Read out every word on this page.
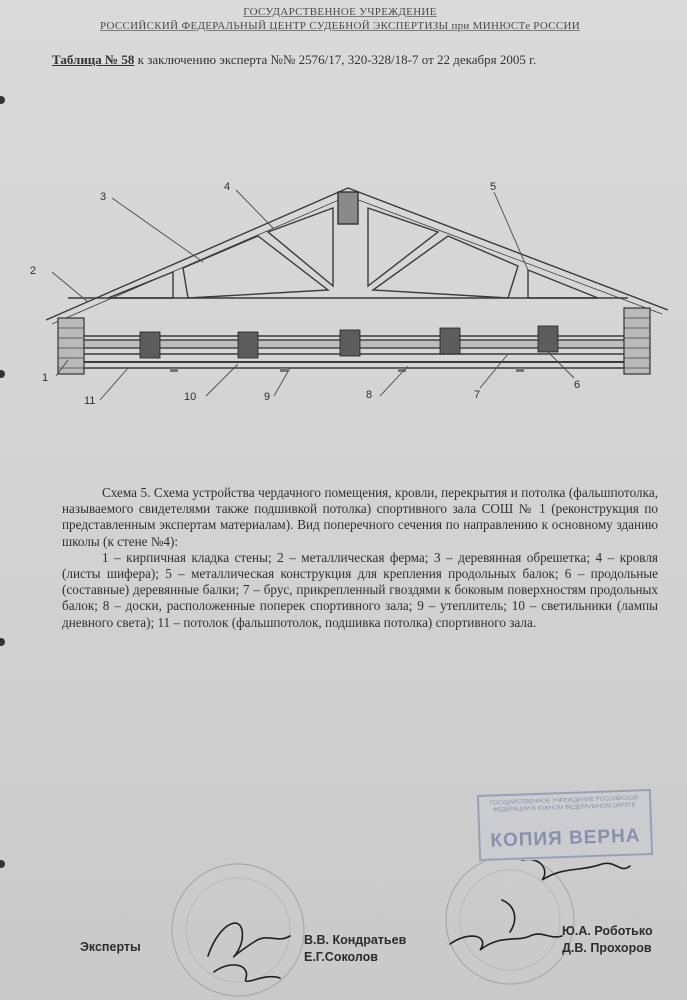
ГОСУДАРСТВЕННОЕ УЧРЕЖДЕНИЕ
РОССИЙСКИЙ ФЕДЕРАЛЬНЫЙ ЦЕНТР СУДЕБНОЙ ЭКСПЕРТИЗЫ при МИНЮСТе РОССИИ
Таблица № 58 к заключению эксперта №№ 2576/17, 320-328/18-7 от 22 декабря 2005 г.
1
2
3
4	5
6
7
8
9
10
11

Схема 5. Схема устройства чердачного помещения, кровли, перекрытия и потолка (фальшпотолка, называемого свидетелями также подшивкой потолка) спортивного зала СОШ № 1 (реконструкция по представленным экспертам материалам). Вид поперечного сечения по направлению к основному зданию школы (к стене №4):

1 – кирпичная кладка стены; 2 – металлическая ферма; 3 – деревянная обрешетка; 4 – кровля (листы шифера); 5 – металлическая конструкция для крепления продольных балок; 6 – продольные (составные) деревянные балки; 7 – брус, прикрепленный гвоздями к боковым поверхностям продольных балок; 8 – доски, расположенные поперек спортивного зала; 9 – утеплитель; 10 – светильники (лампы дневного света); 11 – потолок (фальшпотолок, подшивка потолка) спортивного зала.

ГОСУДАРСТВЕННОЕ УЧРЕЖДЕНИЕ РОССИЙСКОЙ ФЕДЕРАЦИИ В ЮЖНОМ ФЕДЕРАЛЬНОМ ОКРУГЕ
КОПИЯ ВЕРНА
Эксперты	В.В. Кондратьев
Е.Г.Соколов
Ю.А. Роботько
Д.В. Прохоров
